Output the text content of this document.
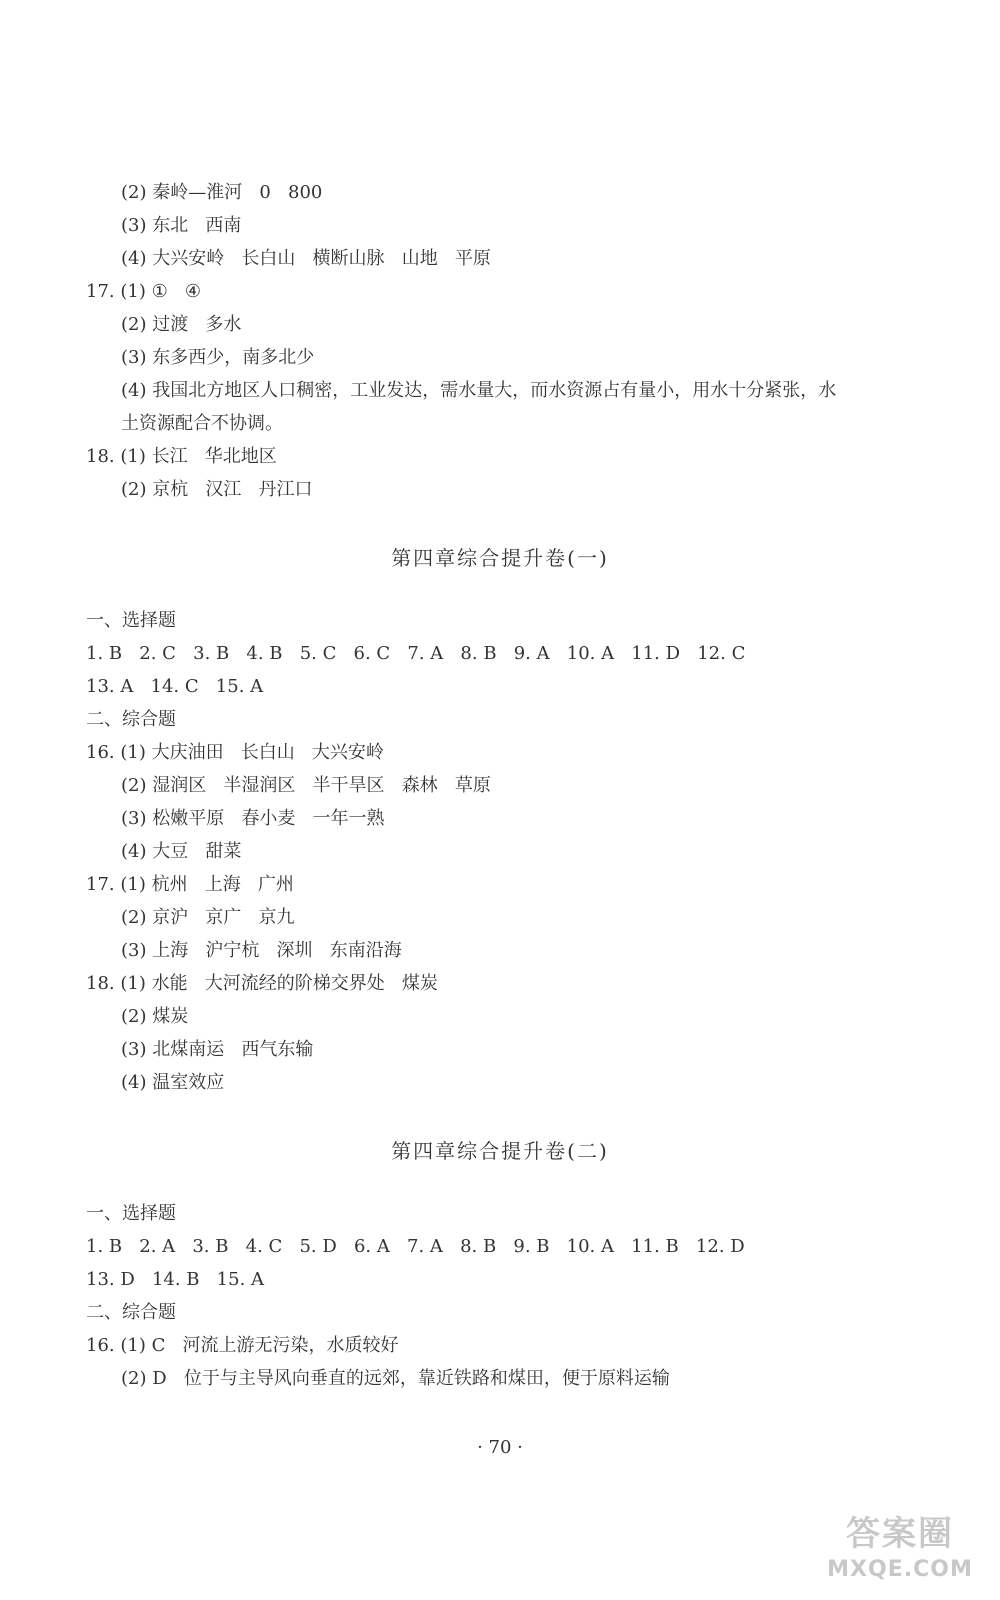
(2) 秦岭—淮河   0   800
(3) 东北   西南
(4) 大兴安岭   长白山   横断山脉   山地   平原
17. (1) ①   ④
(2) 过渡   多水
(3) 东多西少，南多北少
(4) 我国北方地区人口稠密，工业发达，需水量大，而水资源占有量小，用水十分紧张，水
土资源配合不协调。
18. (1) 长江   华北地区
(2) 京杭   汉江   丹江口
第四章综合提升卷(一)
一、选择题
1. B   2. C   3. B   4. B   5. C   6. C   7. A   8. B   9. A   10. A   11. D   12. C
13. A   14. C   15. A
二、综合题
16. (1) 大庆油田   长白山   大兴安岭
(2) 湿润区   半湿润区   半干旱区   森林   草原
(3) 松嫩平原   春小麦   一年一熟
(4) 大豆   甜菜
17. (1) 杭州   上海   广州
(2) 京沪   京广   京九
(3) 上海   沪宁杭   深圳   东南沿海
18. (1) 水能   大河流经的阶梯交界处   煤炭
(2) 煤炭
(3) 北煤南运   西气东输
(4) 温室效应
第四章综合提升卷(二)
一、选择题
1. B   2. A   3. B   4. C   5. D   6. A   7. A   8. B   9. B   10. A   11. B   12. D
13. D   14. B   15. A
二、综合题
16. (1) C   河流上游无污染，水质较好
(2) D   位于与主导风向垂直的远郊，靠近铁路和煤田，便于原料运输
· 70 ·
答案圈
MXQE.COM
